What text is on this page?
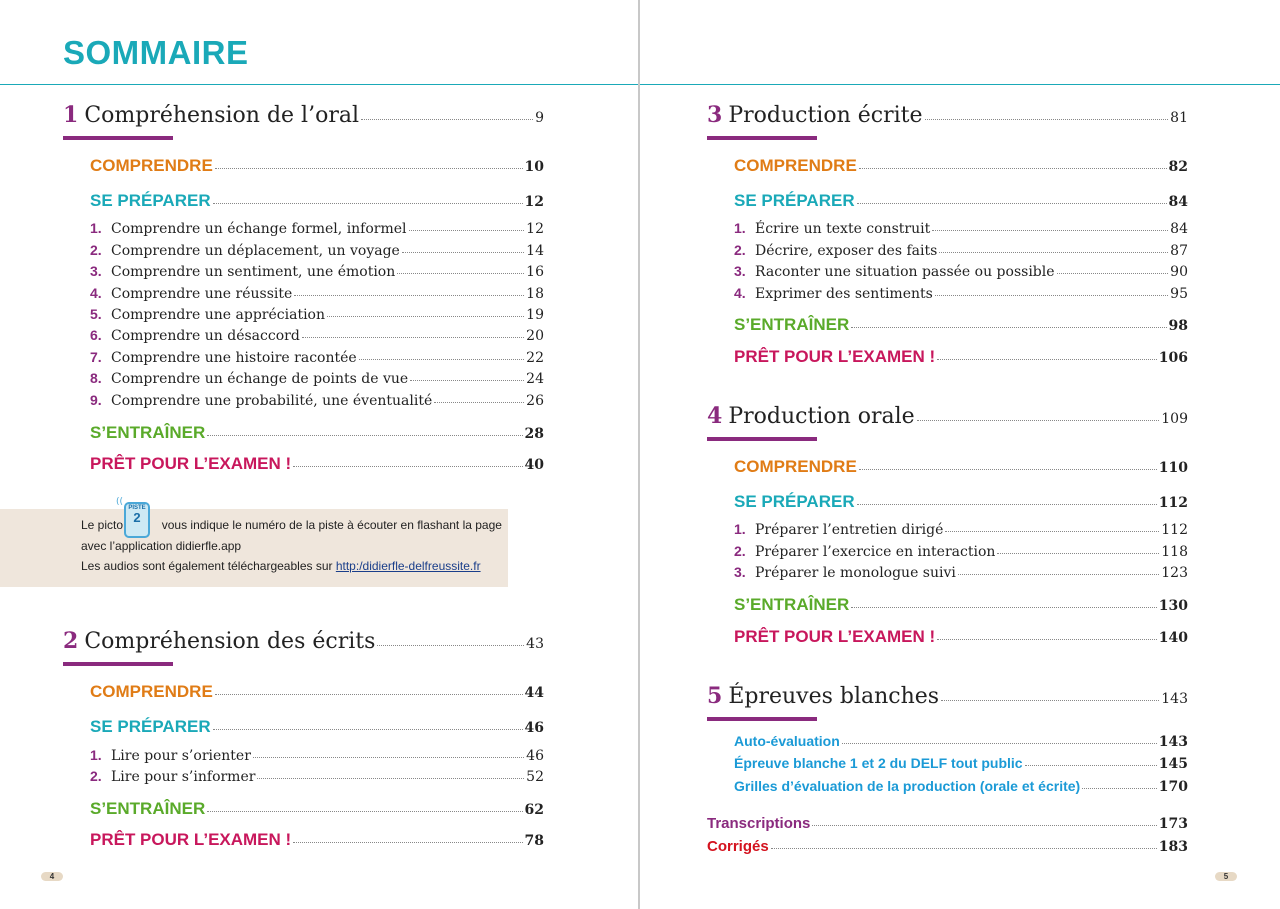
SOMMAIRE
1 Compréhension de l’oral	9
COMPRENDRE	10
SE PRÉPARER	12
1. Comprendre un échange formel, informel	12
2. Comprendre un déplacement, un voyage	14
3. Comprendre un sentiment, une émotion	16
4. Comprendre une réussite	18
5. Comprendre une appréciation	19
6. Comprendre un désaccord	20
7. Comprendre une histoire racontée	22
8. Comprendre un échange de points de vue	24
9. Comprendre une probabilité, une éventualité	26
S’ENTRAÎNER	28
PRÊT POUR L’EXAMEN !	40
Le picto	vous indique le numéro de la piste à écouter en flashant la page
avec l’application didierfle.app
Les audios sont également téléchargeables sur http:/didierfle-delfreussite.fr
((
PISTE
2
2 Compréhension des écrits	43
COMPRENDRE	44
SE PRÉPARER	46
1. Lire pour s’orienter	46
2. Lire pour s’informer	52
S’ENTRAÎNER	62
PRÊT POUR L’EXAMEN !	78
4
3 Production écrite	81
COMPRENDRE	82
SE PRÉPARER	84
1. Écrire un texte construit	84
2. Décrire, exposer des faits	87
3. Raconter une situation passée ou possible	90
4. Exprimer des sentiments	95
S’ENTRAÎNER	98
PRÊT POUR L’EXAMEN !	106
4 Production orale	109
COMPRENDRE	110
SE PRÉPARER	112
1. Préparer l’entretien dirigé	112
2. Préparer l’exercice en interaction	118
3. Préparer le monologue suivi	123
S’ENTRAÎNER	130
PRÊT POUR L’EXAMEN !	140
5 Épreuves blanches	143
Auto-évaluation	143
Épreuve blanche 1 et 2 du DELF tout public	145
Grilles d’évaluation de la production (orale et écrite)	170
Transcriptions	173
Corrigés	183
5
